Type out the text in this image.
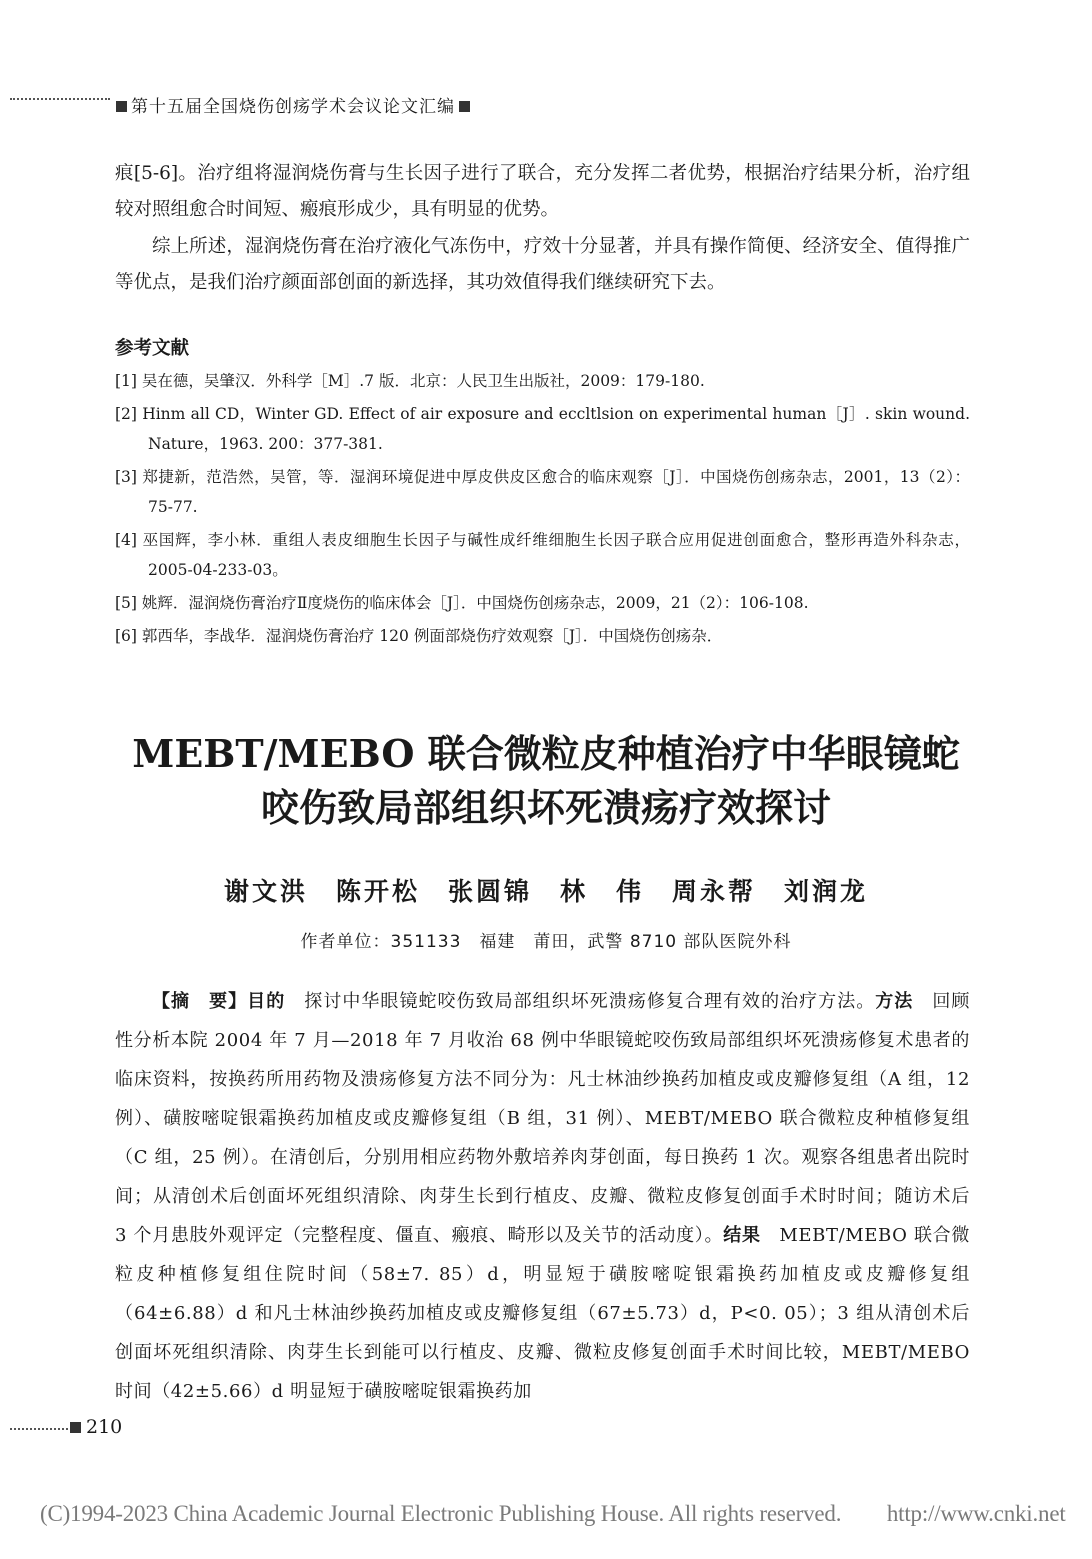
第十五届全国烧伤创疡学术会议论文汇编
痕[5-6]。治疗组将湿润烧伤膏与生长因子进行了联合，充分发挥二者优势，根据治疗结果分析，治疗组较对照组愈合时间短、瘢痕形成少，具有明显的优势。
综上所述，湿润烧伤膏在治疗液化气冻伤中，疗效十分显著，并具有操作简便、经济安全、值得推广等优点，是我们治疗颜面部创面的新选择，其功效值得我们继续研究下去。
参考文献
[1] 吴在德，吴肇汉．外科学［M］.7 版．北京：人民卫生出版社，2009：179-180.
[2] Hinm all CD，Winter GD. Effect of air exposure and eccltlsion on experimental human［J］. skin wound. Nature，1963. 200：377-381.
[3] 郑捷新，范浩然，吴管，等．湿润环境促进中厚皮供皮区愈合的临床观察［J］．中国烧伤创疡杂志，2001，13（2）：75-77.
[4] 巫国辉，李小林．重组人表皮细胞生长因子与碱性成纤维细胞生长因子联合应用促进创面愈合，整形再造外科杂志，2005-04-233-03。
[5] 姚辉．湿润烧伤膏治疗Ⅱ度烧伤的临床体会［J］．中国烧伤创疡杂志，2009，21（2）：106-108.
[6] 郭西华，李战华．湿润烧伤膏治疗 120 例面部烧伤疗效观察［J］．中国烧伤创疡杂．
MEBT/MEBO 联合微粒皮种植治疗中华眼镜蛇
咬伤致局部组织坏死溃疡疗效探讨
谢文洪　陈开松　张圆锦　林　伟　周永帮　刘润龙
作者单位：351133　福建　莆田，武警 8710 部队医院外科
【摘　要】目的　探讨中华眼镜蛇咬伤致局部组织坏死溃疡修复合理有效的治疗方法。方法　回顾性分析本院 2004 年 7 月—2018 年 7 月收治 68 例中华眼镜蛇咬伤致局部组织坏死溃疡修复术患者的临床资料，按换药所用药物及溃疡修复方法不同分为：凡士林油纱换药加植皮或皮瓣修复组（A 组，12 例）、磺胺嘧啶银霜换药加植皮或皮瓣修复组（B 组，31 例）、MEBT/MEBO 联合微粒皮种植修复组（C 组，25 例）。在清创后，分别用相应药物外敷培养肉芽创面，每日换药 1 次。观察各组患者出院时间；从清创术后创面坏死组织清除、肉芽生长到行植皮、皮瓣、微粒皮修复创面手术时时间；随访术后 3 个月患肢外观评定（完整程度、僵直、瘢痕、畸形以及关节的活动度）。结果　MEBT/MEBO 联合微粒皮种植修复组住院时间（58±7. 85）d，明显短于磺胺嘧啶银霜换药加植皮或皮瓣修复组（64±6.88）d 和凡士林油纱换药加植皮或皮瓣修复组（67±5.73）d，P<0. 05）；3 组从清创术后创面坏死组织清除、肉芽生长到能可以行植皮、皮瓣、微粒皮修复创面手术时间比较，MEBT/MEBO 时间（42±5.66）d 明显短于磺胺嘧啶银霜换药加
210
(C)1994-2023 China Academic Journal Electronic Publishing House. All rights reserved.　　http://www.cnki.net
